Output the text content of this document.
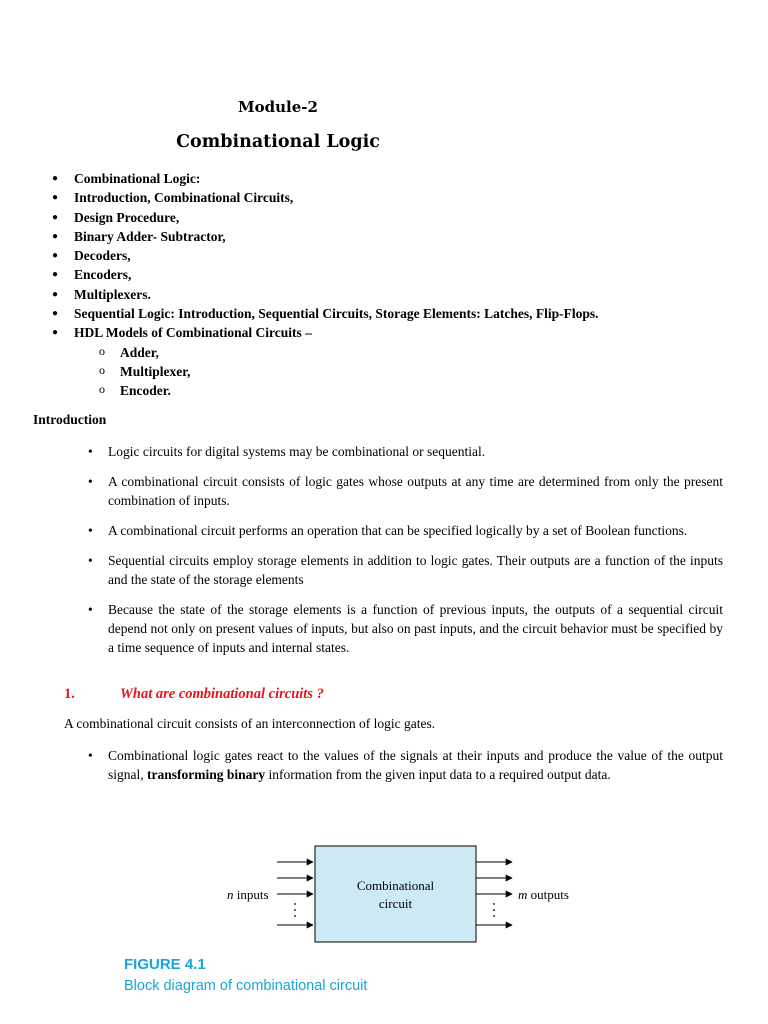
Module-2
Combinational Logic
● Combinational Logic:
● Introduction, Combinational Circuits,
● Design Procedure,
● Binary Adder- Subtractor,
● Decoders,
● Encoders,
● Multiplexers.
● Sequential Logic: Introduction, Sequential Circuits, Storage Elements: Latches, Flip-Flops.
● HDL Models of Combinational Circuits –
o Adder,
o Multiplexer,
o Encoder.
Introduction
• Logic circuits for digital systems may be combinational or sequential.
• A combinational circuit consists of logic gates whose outputs at any time are determined from only the present combination of inputs.
• A combinational circuit performs an operation that can be specified logically by a set of Boolean functions.
• Sequential circuits employ storage elements in addition to logic gates. Their outputs are a function of the inputs and the state of the storage elements
• Because the state of the storage elements is a function of previous inputs, the outputs of a sequential circuit depend not only on present values of inputs, but also on past inputs, and the circuit behavior must be specified by a time sequence of inputs and internal states.
1.	What are combinational circuits ?
A combinational circuit consists of an interconnection of logic gates.
• Combinational logic gates react to the values of the signals at their inputs and produce the value of the output signal, transforming binary information from the given input data to a required output data.
Combinational
circuit
n inputs	m outputs
FIGURE 4.1
Block diagram of combinational circuit
